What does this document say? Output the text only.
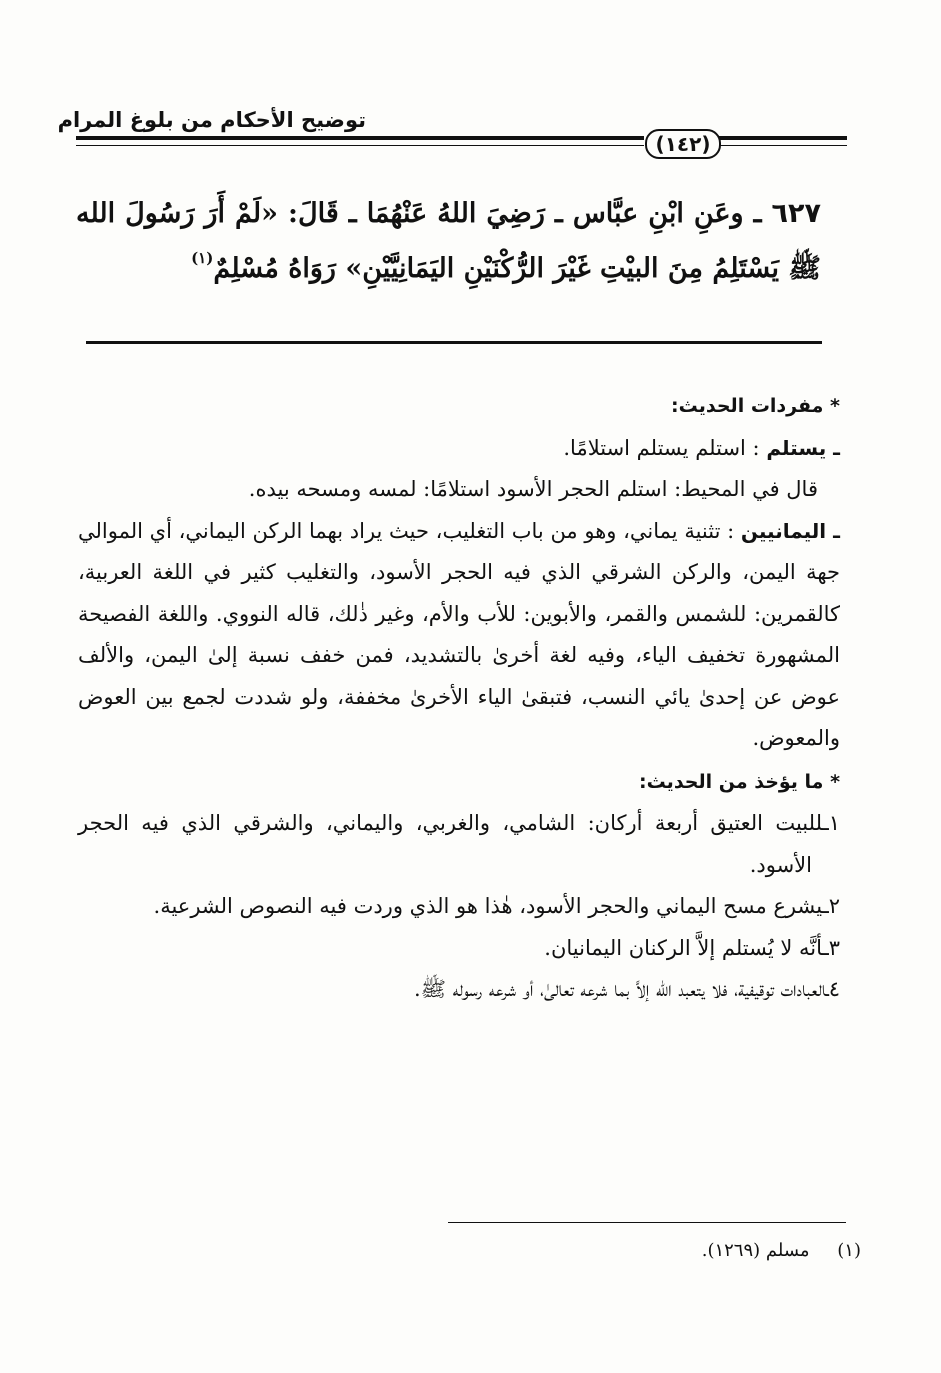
توضيح الأحكام من بلوغ المرام
(١٤٢)
٦٢٧ ـ وعَنِ ابْنِ عبَّاس ـ رَضِيَ اللهُ عَنْهُمَا ـ قَالَ: «لَمْ أَرَ رَسُولَ الله ﷺ يَسْتَلِمُ مِنَ البيْتِ غَيْرَ الرُّكْنَيْنِ اليَمَانِيَّيْنِ» رَوَاهُ مُسْلِمٌ$^{(١)}$

* مفردات الحديث:

ـ يستلم : استلم يستلم استلامًا.

قال في المحيط: استلم الحجر الأسود استلامًا: لمسه ومسحه بيده.

ـ اليمانيين : تثنية يماني، وهو من باب التغليب، حيث يراد بهما الركن اليماني، أي الموالي جهة اليمن، والركن الشرقي الذي فيه الحجر الأسود، والتغليب كثير في اللغة العربية، كالقمرين: للشمس والقمر، والأبوين: للأب والأم، وغير ذٰلك، قاله النووي. واللغة الفصيحة المشهورة تخفيف الياء، وفيه لغة أخرىٰ بالتشديد، فمن خفف نسبة إلىٰ اليمن، والألف عوض عن إحدىٰ يائي النسب، فتبقىٰ الياء الأخرىٰ مخففة، ولو شددت لجمع بين العوض والمعوض.

* ما يؤخذ من الحديث:

١ـللبيت العتيق أربعة أركان: الشامي، والغربي، واليماني، والشرقي الذي فيه الحجر الأسود.

٢ـيشرع مسح اليماني والحجر الأسود، هٰذا هو الذي وردت فيه النصوص الشرعية.

٣ـأنَّه لا يُستلم إلاَّ الركنان اليمانيان.

٤ـالعبادات توقيفية، فلا يتعبد الله إلاَّ بما شرعه تعالىٰ، أو شرعه رسوله ﷺ.

(١) مسلم (١٢٦٩).
